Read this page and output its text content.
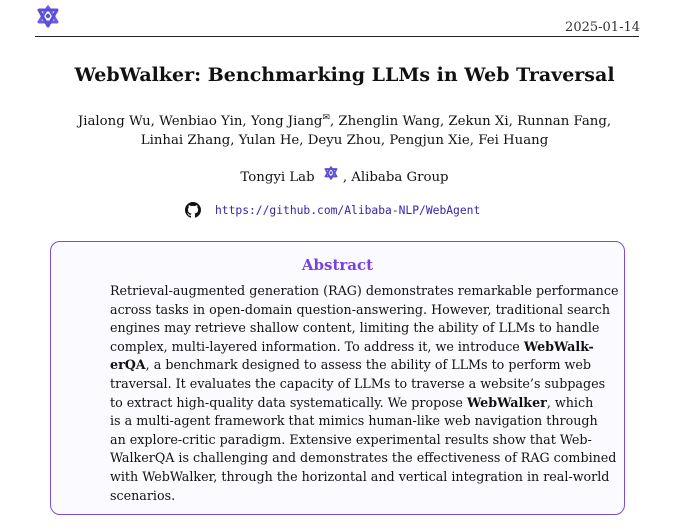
2025-01-14
WebWalker: Benchmarking LLMs in Web Traversal
Jialong Wu, Wenbiao Yin, Yong Jiang✉, Zhenglin Wang, Zekun Xi, Runnan Fang,
Linhai Zhang, Yulan He, Deyu Zhou, Pengjun Xie, Fei Huang
Tongyi Lab , Alibaba Group
https://github.com/Alibaba-NLP/WebAgent
Abstract
Retrieval-augmented generation (RAG) demonstrates remarkable performance
across tasks in open-domain question-answering. However, traditional search
engines may retrieve shallow content, limiting the ability of LLMs to handle
complex, multi-layered information. To address it, we introduce WebWalk-
erQA, a benchmark designed to assess the ability of LLMs to perform web
traversal. It evaluates the capacity of LLMs to traverse a website’s subpages
to extract high-quality data systematically. We propose WebWalker, which
is a multi-agent framework that mimics human-like web navigation through
an explore-critic paradigm. Extensive experimental results show that Web-
WalkerQA is challenging and demonstrates the effectiveness of RAG combined
with WebWalker, through the horizontal and vertical integration in real-world
scenarios.
